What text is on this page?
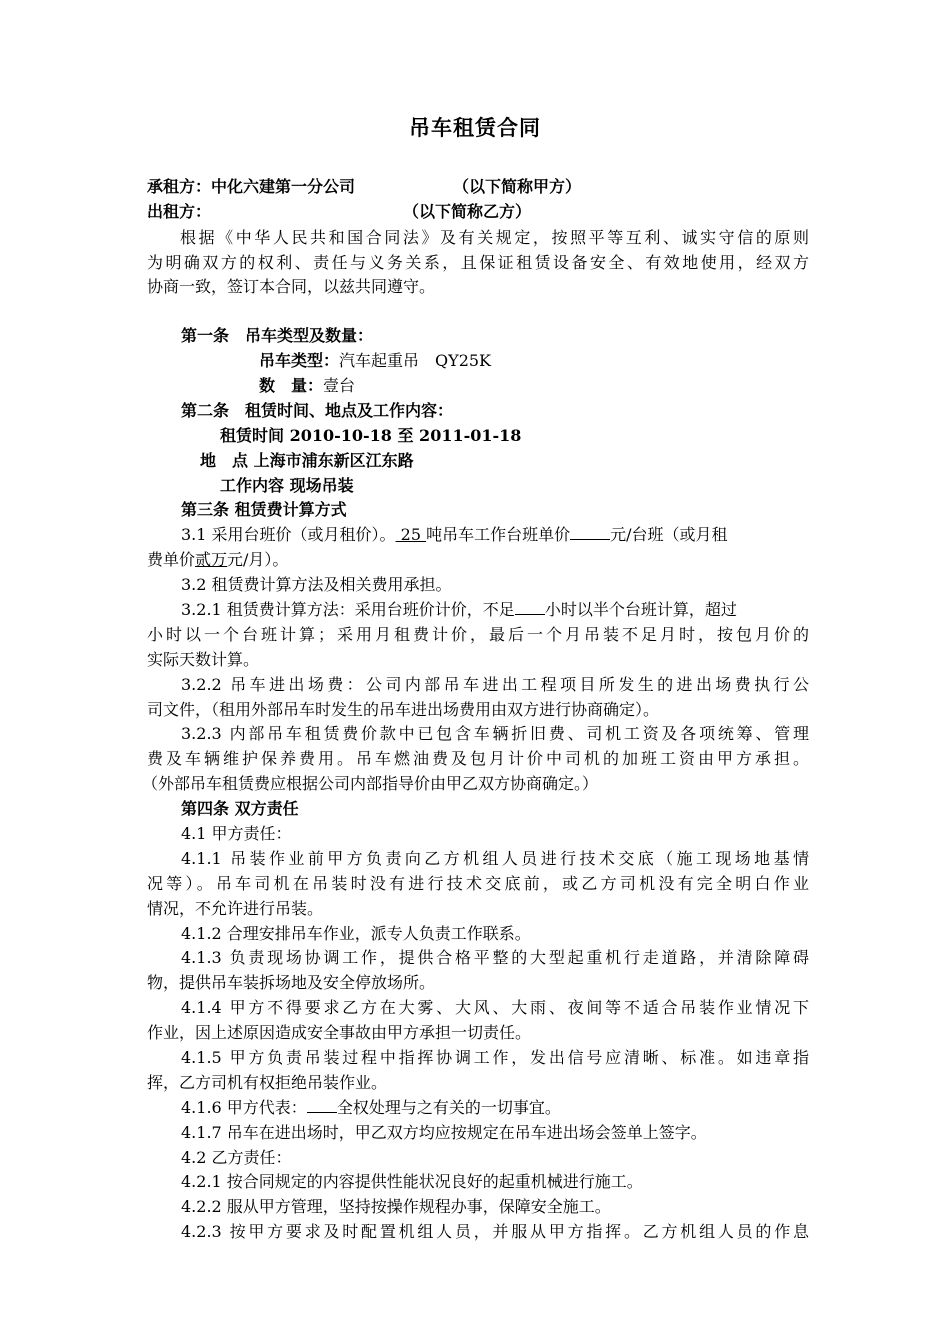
吊车租赁合同
承租方：中化六建第一分公司	（以下简称甲方）
出租方：	（以下简称乙方）
根据《中华人民共和国合同法》及有关规定，按照平等互利、诚实守信的原则
为明确双方的权利、责任与义务关系，且保证租赁设备安全、有效地使用，经双方
协商一致，签订本合同，以兹共同遵守。
第一条　吊车类型及数量：
吊车类型：汽车起重吊　QY25K
数　量：壹台
第二条　租赁时间、地点及工作内容：
租赁时间 2010-10-18 至 2011-01-18
地　点 上海市浦东新区江东路
工作内容 现场吊装
第三条 租赁费计算方式
3.1 采用台班价（或月租价）。 25 吨吊车工作台班单价	元/台班（或月租
费单价贰万元/月）。
3.2 租赁费计算方法及相关费用承担。
3.2.1 租赁费计算方法：采用台班价计价，不足 小时以半个台班计算，超过
小时以一个台班计算；采用月租费计价，最后一个月吊装不足月时，按包月价的
实际天数计算。
3.2.2 吊车进出场费：公司内部吊车进出工程项目所发生的进出场费执行公
司文件，（租用外部吊车时发生的吊车进出场费用由双方进行协商确定）。
3.2.3 内部吊车租赁费价款中已包含车辆折旧费、司机工资及各项统筹、管理
费及车辆维护保养费用。吊车燃油费及包月计价中司机的加班工资由甲方承担。
（外部吊车租赁费应根据公司内部指导价由甲乙双方协商确定。）
第四条 双方责任
4.1 甲方责任：
4.1.1 吊装作业前甲方负责向乙方机组人员进行技术交底（施工现场地基情
况等）。吊车司机在吊装时没有进行技术交底前，或乙方司机没有完全明白作业
情况，不允许进行吊装。
4.1.2 合理安排吊车作业，派专人负责工作联系。
4.1.3 负责现场协调工作，提供合格平整的大型起重机行走道路，并清除障碍
物，提供吊车装拆场地及安全停放场所。
4.1.4 甲方不得要求乙方在大雾、大风、大雨、夜间等不适合吊装作业情况下
作业，因上述原因造成安全事故由甲方承担一切责任。
4.1.5 甲方负责吊装过程中指挥协调工作，发出信号应清晰、标准。如违章指
挥，乙方司机有权拒绝吊装作业。
4.1.6 甲方代表： 全权处理与之有关的一切事宜。
4.1.7 吊车在进出场时，甲乙双方均应按规定在吊车进出场会签单上签字。
4.2 乙方责任：
4.2.1 按合同规定的内容提供性能状况良好的起重机械进行施工。
4.2.2 服从甲方管理，坚持按操作规程办事，保障安全施工。
4.2.3 按甲方要求及时配置机组人员，并服从甲方指挥。乙方机组人员的作息
